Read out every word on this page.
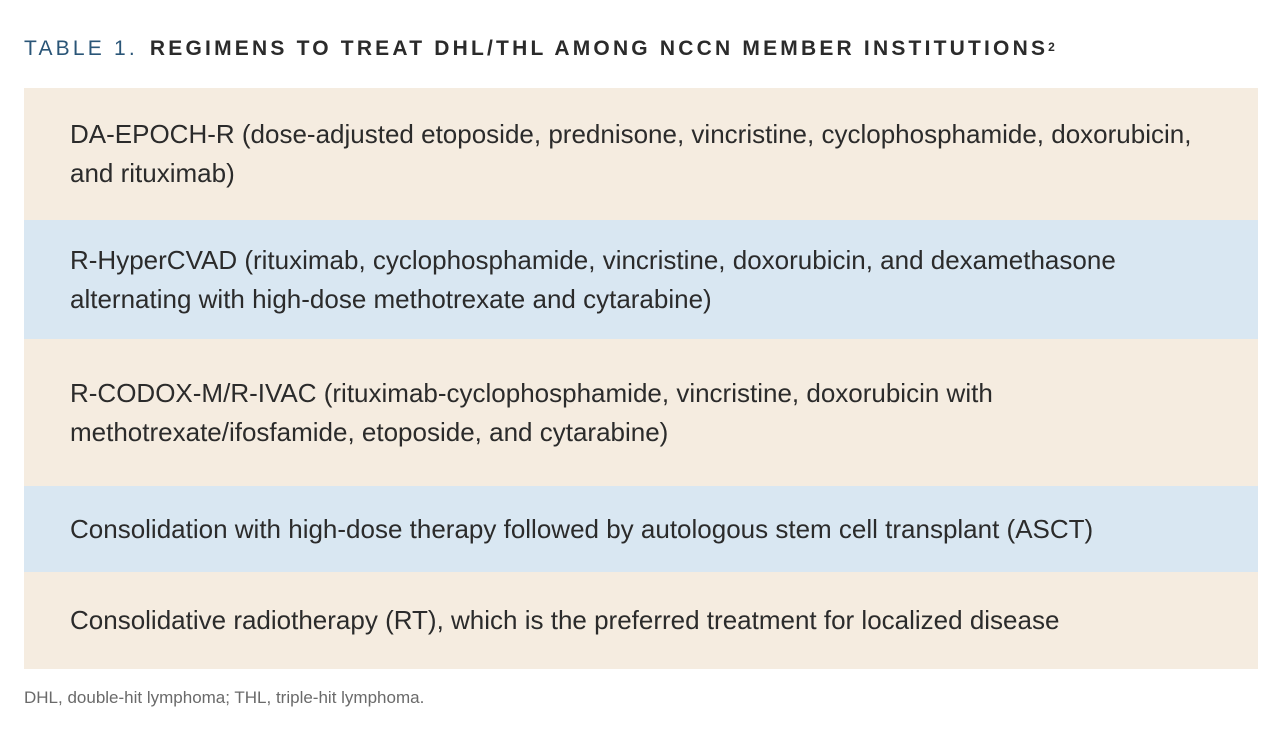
TABLE 1. REGIMENS TO TREAT DHL/THL AMONG NCCN MEMBER INSTITUTIONS$^2$
DA-EPOCH-R (dose-adjusted etoposide, prednisone, vincristine, cyclophosphamide, doxorubicin, and rituximab)
R-HyperCVAD (rituximab, cyclophosphamide, vincristine, doxorubicin, and dexamethasone alternating with high-dose methotrexate and cytarabine)
R-CODOX-M/R-IVAC (rituximab-cyclophosphamide, vincristine, doxorubicin with methotrexate/ifosfamide, etoposide, and cytarabine)
Consolidation with high-dose therapy followed by autologous stem cell transplant (ASCT)
Consolidative radiotherapy (RT), which is the preferred treatment for localized disease
DHL, double-hit lymphoma; THL, triple-hit lymphoma.
